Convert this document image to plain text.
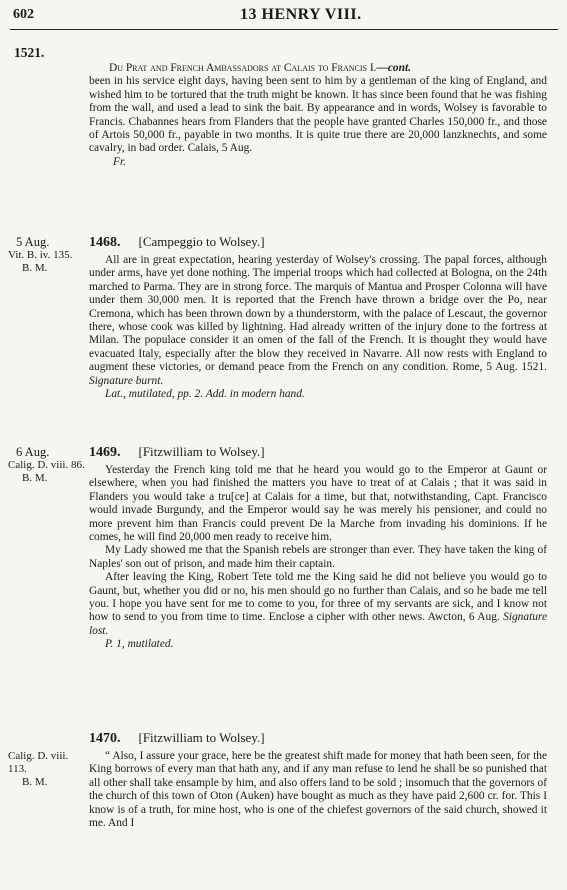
602	13 HENRY VIII.
1521.

Du Prat and French Ambassadors at Calais to Francis I.—cont.

been in his service eight days, having been sent to him by a gentleman of the king of England, and wished him to be tortured that the truth might be known. It has since been found that he was fishing from the wall, and used a lead to sink the bait. By appearance and in words, Wolsey is favorable to Francis. Chabannes hears from Flanders that the people have granted Charles 150,000 fr., and those of Artois 50,000 fr., payable in two months. It is quite true there are 20,000 lanzknechts, and some cavalry, in bad order. Calais, 5 Aug.

Fr.

5 Aug.
Vit. B. iv. 135.
B. M.
1468. [Campeggio to Wolsey.]

All are in great expectation, hearing yesterday of Wolsey's crossing. The papal forces, although under arms, have yet done nothing. The imperial troops which had collected at Bologna, on the 24th marched to Parma. They are in strong force. The marquis of Mantua and Prosper Colonna will have under them 30,000 men. It is reported that the French have thrown a bridge over the Po, near Cremona, which has been thrown down by a thunderstorm, with the palace of Lescaut, the governor there, whose cook was killed by lightning. Had already written of the injury done to the fortress at Milan. The populace consider it an omen of the fall of the French. It is thought they would have evacuated Italy, especially after the blow they received in Navarre. All now rests with England to augment these victories, or demand peace from the French on any condition. Rome, 5 Aug. 1521. Signature burnt.

Lat., mutilated, pp. 2. Add. in modern hand.

6 Aug.
Calig. D. viii. 86.
B. M.
1469. [Fitzwilliam to Wolsey.]

Yesterday the French king told me that he heard you would go to the Emperor at Gaunt or elsewhere, when you had finished the matters you have to treat of at Calais ; that it was said in Flanders you would take a tru[ce] at Calais for a time, but that, notwithstanding, Capt. Francisco would invade Burgundy, and the Emperor would say he was merely his pensioner, and could no more prevent him than Francis could prevent De la Marche from invading his dominions. If he comes, he will find 20,000 men ready to receive him.

My Lady showed me that the Spanish rebels are stronger than ever. They have taken the king of Naples' son out of prison, and made him their captain.

After leaving the King, Robert Tete told me the King said he did not believe you would go to Gaunt, but, whether you did or no, his men should go no further than Calais, and so he bade me tell you. I hope you have sent for me to come to you, for three of my servants are sick, and I know not how to send to you from time to time. Enclose a cipher with other news. Awcton, 6 Aug. Signature lost.

P. 1, mutilated.

Calig. D. viii. 113.
B. M.
1470. [Fitzwilliam to Wolsey.]

“ Also, I assure your grace, here be the greatest shift made for money that hath been seen, for the King borrows of every man that hath any, and if any man refuse to lend he shall be so punished that all other shall take ensample by him, and also offers land to be sold ; insomuch that the governors of the church of this town of Oton (Auken) have bought as much as they have paid 2,600 cr. for. This I know is of a truth, for mine host, who is one of the chiefest governors of the said church, showed it me. And I
